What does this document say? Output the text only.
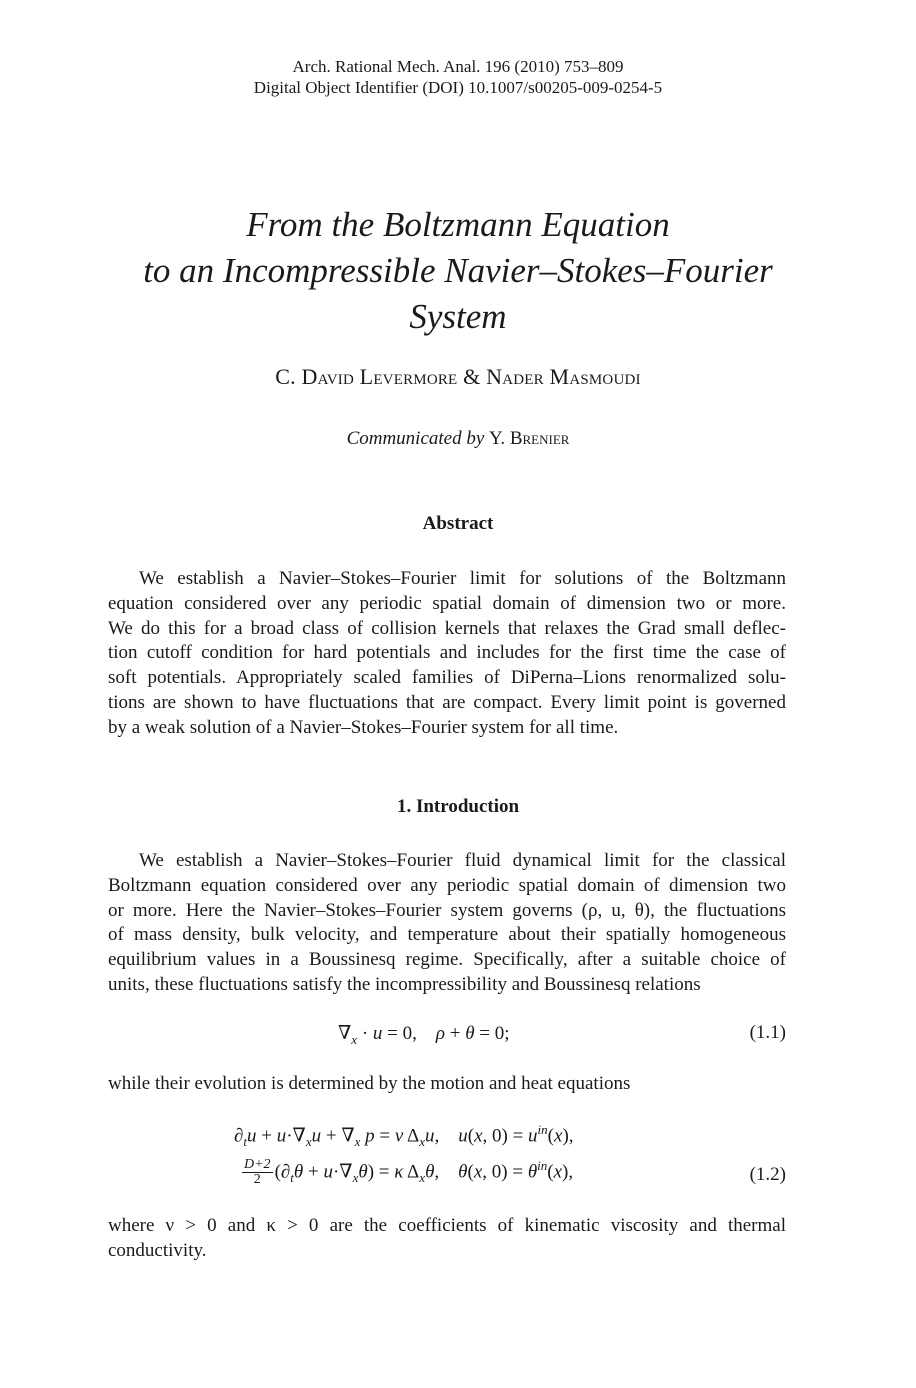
Arch. Rational Mech. Anal. 196 (2010) 753–809
Digital Object Identifier (DOI) 10.1007/s00205-009-0254-5
From the Boltzmann Equation
to an Incompressible Navier–Stokes–Fourier
System
C. David Levermore & Nader Masmoudi
Communicated by Y. Brenier
Abstract
We establish a Navier–Stokes–Fourier limit for solutions of the Boltzmann
equation considered over any periodic spatial domain of dimension two or more.
We do this for a broad class of collision kernels that relaxes the Grad small deflec-
tion cutoff condition for hard potentials and includes for the first time the case of
soft potentials. Appropriately scaled families of DiPerna–Lions renormalized solu-
tions are shown to have fluctuations that are compact. Every limit point is governed
by a weak solution of a Navier–Stokes–Fourier system for all time.
1. Introduction
We establish a Navier–Stokes–Fourier fluid dynamical limit for the classical
Boltzmann equation considered over any periodic spatial domain of dimension two
or more. Here the Navier–Stokes–Fourier system governs (ρ, u, θ), the fluctuations
of mass density, bulk velocity, and temperature about their spatially homogeneous
equilibrium values in a Boussinesq regime. Specifically, after a suitable choice of
units, these fluctuations satisfy the incompressibility and Boussinesq relations
$\nabla_x \cdot u = 0$,    ρ + θ = 0;	(1.1)
while their evolution is determined by the motion and heat equations
$\partial_tu + u\cdot\nabla_xu + \nabla_x$ p = ν $\Delta_xu$,    u(x, $0) = u^{in}(x)$,
$\frac{D+2}{2} (\partial_t\theta + u\cdot\nabla_x\theta) = \kappa$ $\Delta_x\theta$,    θ(x, $0) = \theta^{in}(x)$,	(1.2)
where ν > 0 and κ > 0 are the coefficients of kinematic viscosity and thermal
conductivity.
